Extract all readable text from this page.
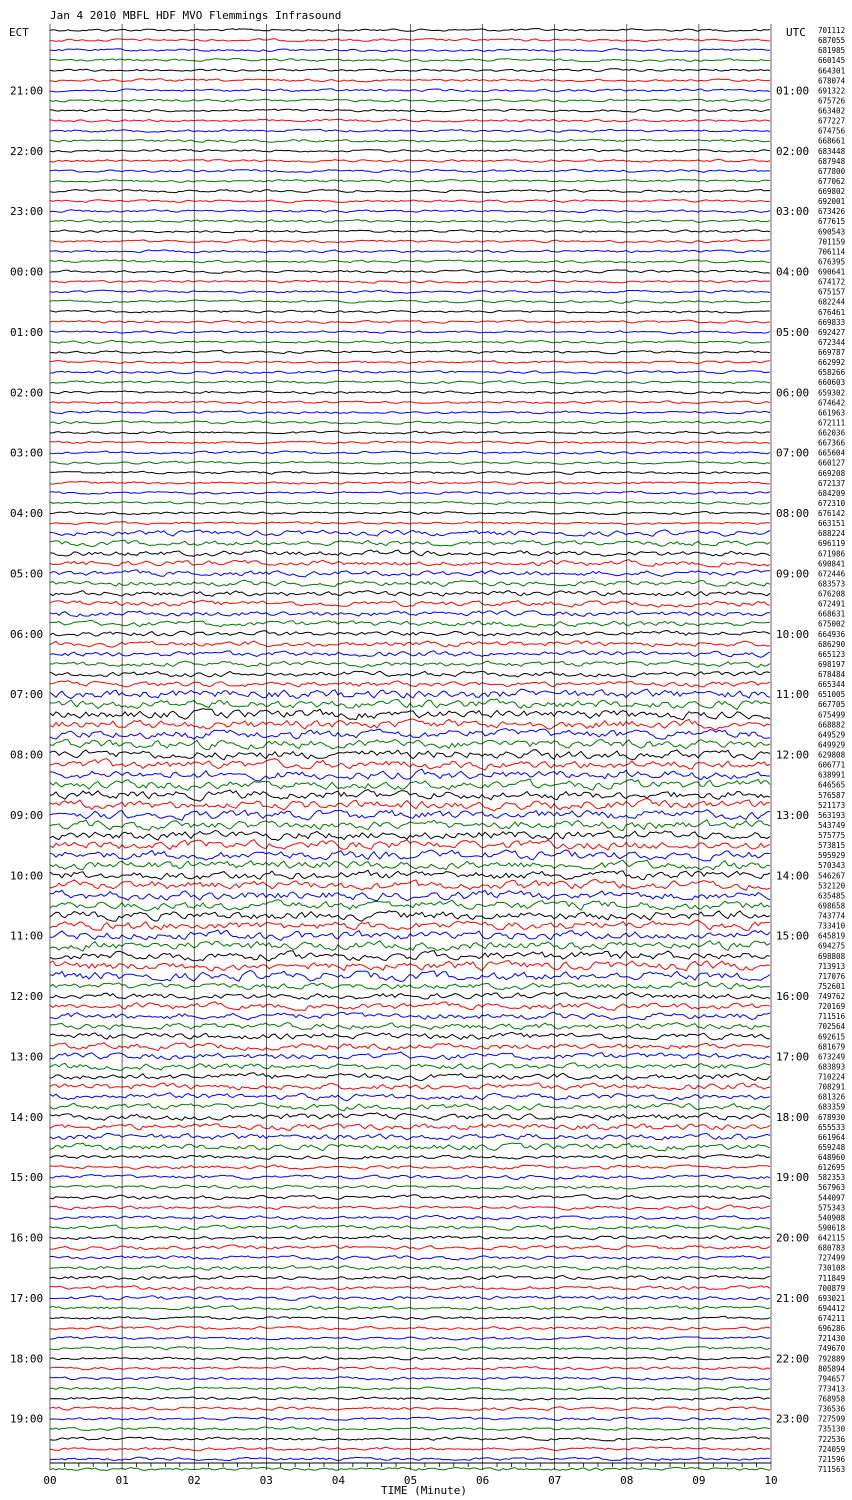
Jan 4 2010 MBFL HDF MVO Flemmings Infrasound
ECT	UTC
21:00
22:00
23:00
00:00
01:00
02:00
03:00
04:00
05:00
06:00
07:00
08:00
09:00
10:00
11:00
12:00
13:00
14:00
15:00
16:00
17:00
18:00
19:00
01:00
02:00
03:00
04:00
05:00
06:00
07:00
08:00
09:00
10:00
11:00
12:00
13:00
14:00
15:00
16:00
17:00
18:00
19:00
20:00
21:00
22:00
23:00
701112
687055
681985
660145
664301
678074
691322
675726
663402
677227
674756
668661
683448
687948
677800
677062
669802
692001
673426
677615
690543
701159
706114
676395
690641
674172
675157
682244
676461
669833
692427
672344
669787
662992
658266
660603
659302
674642
661963
672111
662036
667366
665604
660127
669208
672137
684209
672310
676142
663151
688224
696119
671986
690841
672446
683573
676208
672491
668631
675002
664936
686290
665123
698197
678484
665344
651005
667705
675499
668882
649529
649929
629808
606771
638991
646565
576587
521173
563193
543749
575775
573815
595929
570343
546267
532120
635485
698658
743774
733410
645819
694275
698808
713913
717076
752601
749762
720169
711516
702564
692615
681679
673249
683893
710224
708291
681326
683359
678930
655533
661964
659248
648960
612695
582353
567963
544097
575343
540908
590618
642115
680783
727499
730108
711849
700879
693021
694412
674211
696286
721430
749670
792889
805894
794657
773413
768958
736536
727599
735130
722536
724059
721596
711563
00	01	02	03	04	05	06	07	08	09	10
TIME (Minute)
